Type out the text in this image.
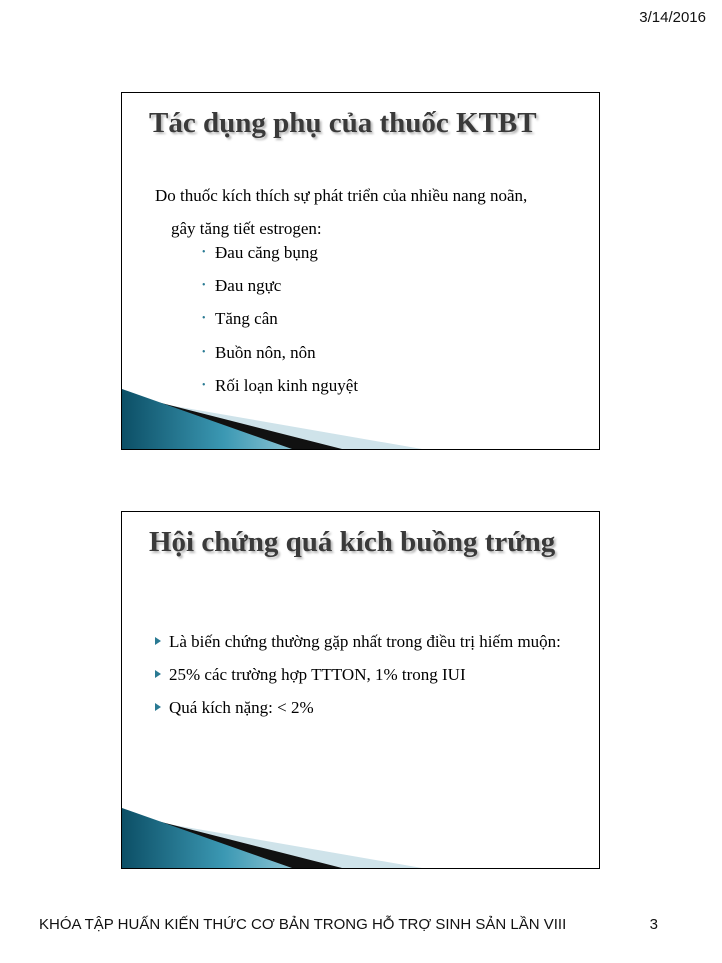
3/14/2016
Tác dụng phụ của thuốc KTBT
Do thuốc kích thích sự phát triển của nhiều nang noãn,
gây tăng tiết estrogen:
• Đau căng bụng
• Đau ngực
• Tăng cân
• Buồn nôn, nôn
• Rối loạn kinh nguyệt
Hội chứng quá kích buồng trứng
Là biến chứng thường gặp nhất trong điều trị hiếm muộn:
25% các trường hợp TTTON, 1% trong IUI
Quá kích nặng: < 2%
KHÓA TẬP HUẤN KIẾN THỨC CƠ BẢN TRONG HỖ TRỢ SINH SẢN LẦN VIII	3
